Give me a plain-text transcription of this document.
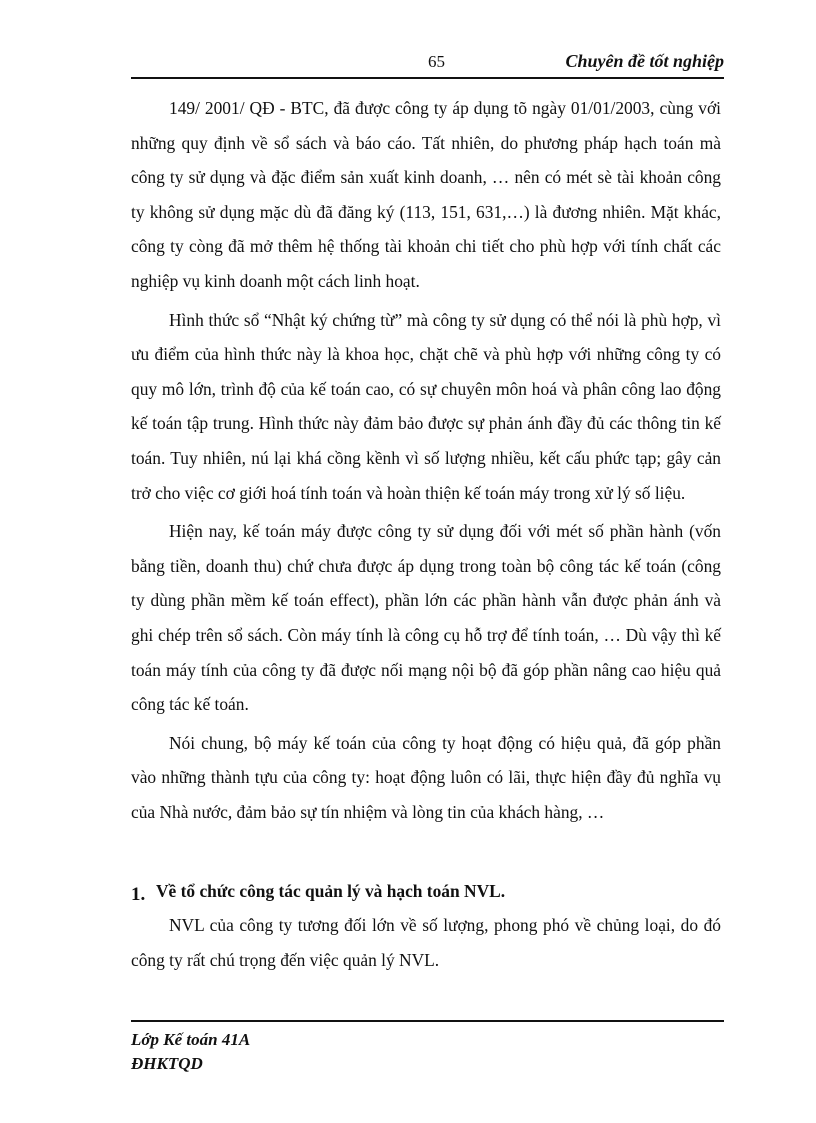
65	Chuyên đề tốt nghiệp

149/ 2001/ QĐ - BTC, đã được công ty áp dụng tõ ngày 01/01/2003, cùng với những quy định về sổ sách và báo cáo. Tất nhiên, do phương pháp hạch toán mà công ty sử dụng và đặc điểm sản xuất kinh doanh, … nên có mét sè tài khoản công ty không sử dụng mặc dù đã đăng ký (113, 151, 631,…) là đương nhiên. Mặt khác, công ty còng đã mở thêm hệ thống tài khoản chi tiết cho phù hợp với tính chất các nghiệp vụ kinh doanh một cách linh hoạt.

Hình thức sổ “Nhật ký chứng từ” mà công ty sử dụng có thể nói là phù hợp, vì ưu điểm của hình thức này là khoa học, chặt chẽ và phù hợp với những công ty có quy mô lớn, trình độ của kế toán cao, có sự chuyên môn hoá và phân công lao động kế toán tập trung. Hình thức này đảm bảo được sự phản ánh đầy đủ các thông tin kế toán. Tuy nhiên, nú lại khá cồng kềnh vì số lượng nhiều, kết cấu phức tạp; gây cản trở cho việc cơ giới hoá tính toán và hoàn thiện kế toán máy trong xử lý số liệu.

Hiện nay, kế toán máy được công ty sử dụng đối với mét số phần hành (vốn bằng tiền, doanh thu) chứ chưa được áp dụng trong toàn bộ công tác kế toán (công ty dùng phần mềm kế toán effect), phần lớn các phần hành vẫn được phản ánh và ghi chép trên sổ sách. Còn máy tính là công cụ hỗ trợ để tính toán, … Dù vậy thì kế toán máy tính của công ty đã được nối mạng nội bộ đã góp phần nâng cao hiệu quả công tác kế toán.

Nói chung, bộ máy kế toán của công ty hoạt động có hiệu quả, đã góp phần vào những thành tựu của công ty: hoạt động luôn có lãi, thực hiện đầy đủ nghĩa vụ của Nhà nước, đảm bảo sự tín nhiệm và lòng tin của khách hàng, …

1. Về tổ chức công tác quản lý và hạch toán NVL.

NVL của công ty tương đối lớn về số lượng, phong phó về chủng loại, do đó công ty rất chú trọng đến việc quản lý NVL.

Lớp Kế toán 41A
ĐHKTQD
